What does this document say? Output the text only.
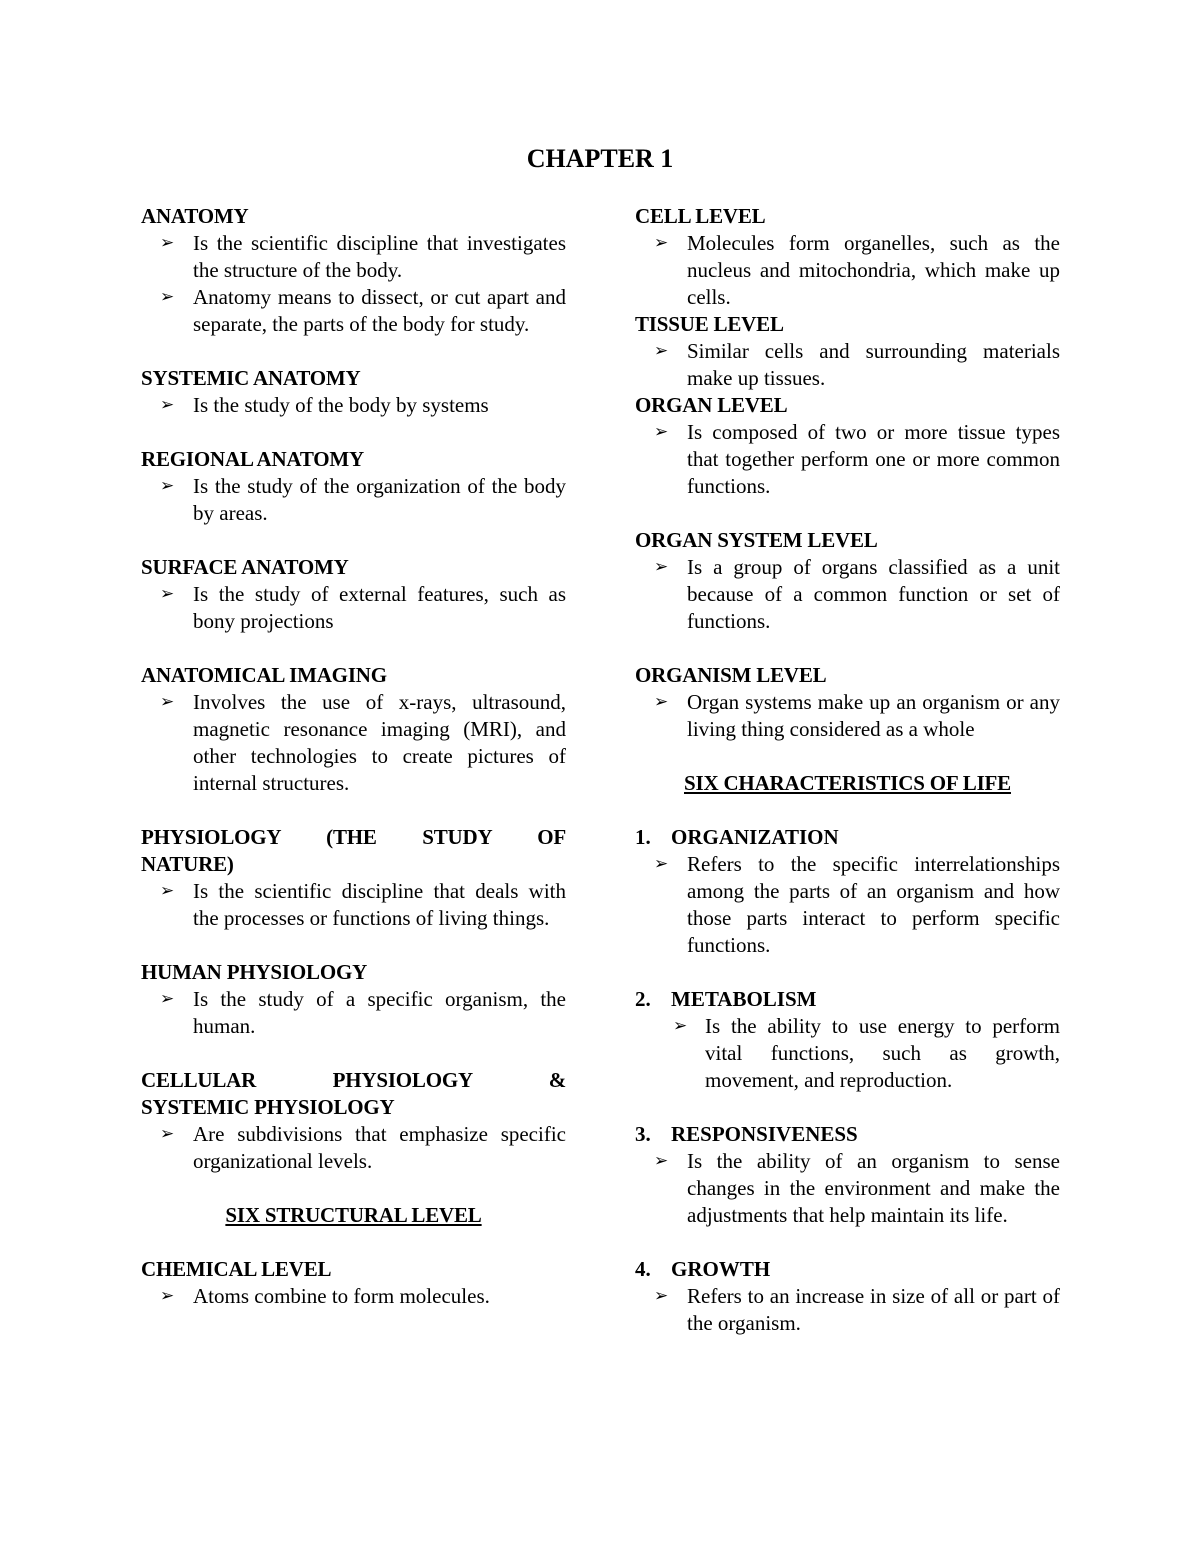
CHAPTER 1
ANATOMY
➢ Is the scientific discipline that investigates the structure of the body.
➢ Anatomy means to dissect, or cut apart and separate, the parts of the body for study.
SYSTEMIC ANATOMY
➢ Is the study of the body by systems
REGIONAL ANATOMY
➢ Is the study of the organization of the body by areas.
SURFACE ANATOMY
➢ Is the study of external features, such as bony projections
ANATOMICAL IMAGING
➢ Involves the use of x-rays, ultrasound, magnetic resonance imaging (MRI), and other technologies to create pictures of internal structures.
PHYSIOLOGY (THE STUDY OF
NATURE)
➢ Is the scientific discipline that deals with the processes or functions of living things.
HUMAN PHYSIOLOGY
➢ Is the study of a specific organism, the human.
CELLULAR PHYSIOLOGY &
SYSTEMIC PHYSIOLOGY
➢ Are subdivisions that emphasize specific organizational levels.
SIX STRUCTURAL LEVEL
CHEMICAL LEVEL
➢ Atoms combine to form molecules.
CELL LEVEL
➢ Molecules form organelles, such as the nucleus and mitochondria, which make up cells.
TISSUE LEVEL
➢ Similar cells and surrounding materials make up tissues.
ORGAN LEVEL
➢ Is composed of two or more tissue types that together perform one or more common functions.
ORGAN SYSTEM LEVEL
➢ Is a group of organs classified as a unit because of a common function or set of functions.
ORGANISM LEVEL
➢ Organ systems make up an organism or any living thing considered as a whole
SIX CHARACTERISTICS OF LIFE
1. ORGANIZATION
➢ Refers to the specific interrelationships among the parts of an organism and how those parts interact to perform specific functions.
2. METABOLISM
➢ Is the ability to use energy to perform vital functions, such as growth, movement, and reproduction.
3. RESPONSIVENESS
➢ Is the ability of an organism to sense changes in the environment and make the adjustments that help maintain its life.
4. GROWTH
➢ Refers to an increase in size of all or part of the organism.
